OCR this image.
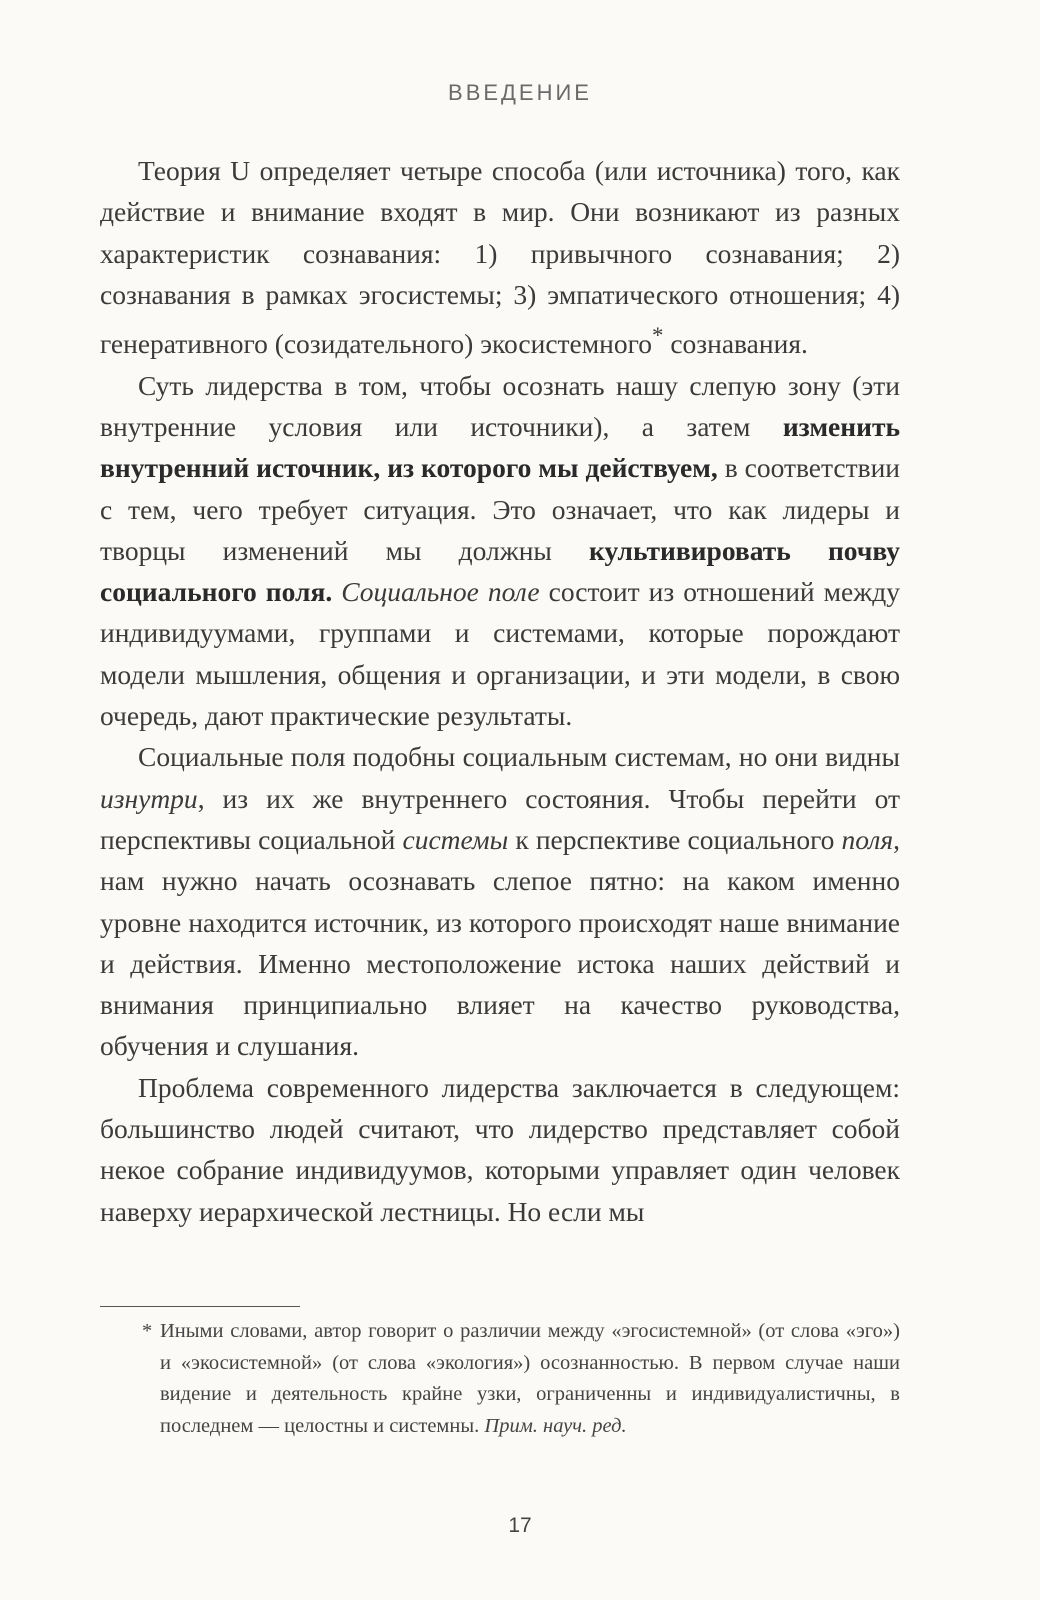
ВВЕДЕНИЕ

Теория U определяет четыре способа (или источника) того, как действие и внимание входят в мир. Они возникают из разных характеристик сознавания: 1) привычного сознавания; 2) сознавания в рамках эгосистемы; 3) эмпатического отношения; 4) генеративного (созидательного) экосистемного* сознавания.

Суть лидерства в том, чтобы осознать нашу слепую зону (эти внутренние условия или источники), а затем изменить внутренний источник, из которого мы действуем, в соответствии с тем, чего требует ситуация. Это означает, что как лидеры и творцы изменений мы должны культивировать почву социального поля. Социальное поле состоит из отношений между индивидуумами, группами и системами, которые порождают модели мышления, общения и организации, и эти модели, в свою очередь, дают практические результаты.

Социальные поля подобны социальным системам, но они видны изнутри, из их же внутреннего состояния. Чтобы перейти от перспективы социальной системы к перспективе социального поля, нам нужно начать осознавать слепое пятно: на каком именно уровне находится источник, из которого происходят наше внимание и действия. Именно местоположение истока наших действий и внимания принципиально влияет на качество руководства, обучения и слушания.

Проблема современного лидерства заключается в следующем: большинство людей считают, что лидерство представляет собой некое собрание индивидуумов, которыми управляет один человек наверху иерархической лестницы. Но если мы

* Иными словами, автор говорит о различии между «эгосистемной» (от слова «эго») и «экосистемной» (от слова «экология») осознанностью. В первом случае наши видение и деятельность крайне узки, ограниченны и индивидуалистичны, в последнем — целостны и системны. Прим. науч. ред.

17
